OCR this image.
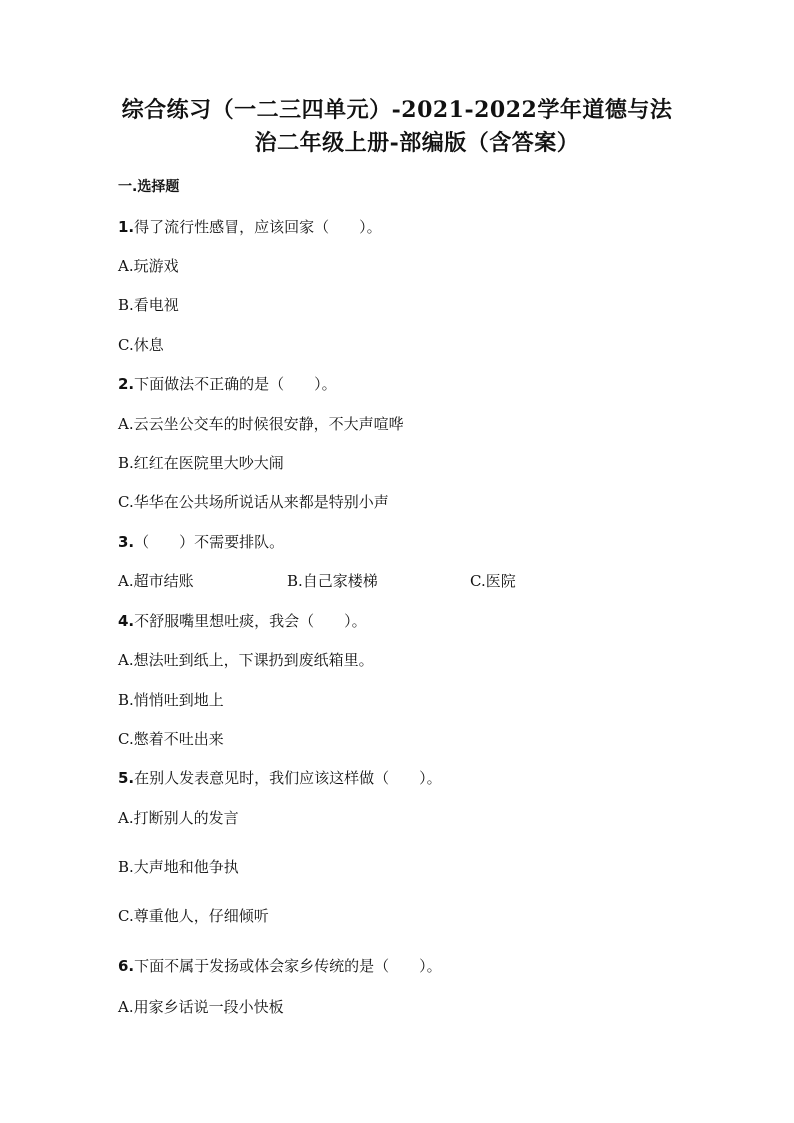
综合练习（一二三四单元）-2021-2022学年道德与法
治二年级上册-部编版（含答案）
一.选择题
1.得了流行性感冒，应该回家（　　）。
A.玩游戏
B.看电视
C.休息
2.下面做法不正确的是（　　）。
A.云云坐公交车的时候很安静，不大声喧哗
B.红红在医院里大吵大闹
C.华华在公共场所说话从来都是特别小声
3.（　　）不需要排队。
A.超市结账	B.自己家楼梯	C.医院
4.不舒服嘴里想吐痰，我会（　　）。
A.想法吐到纸上，下课扔到废纸箱里。
B.悄悄吐到地上
C.憋着不吐出来
5.在别人发表意见时，我们应该这样做（　　）。
A.打断别人的发言
B.大声地和他争执
C.尊重他人，仔细倾听
6.下面不属于发扬或体会家乡传统的是（　　）。
A.用家乡话说一段小快板
